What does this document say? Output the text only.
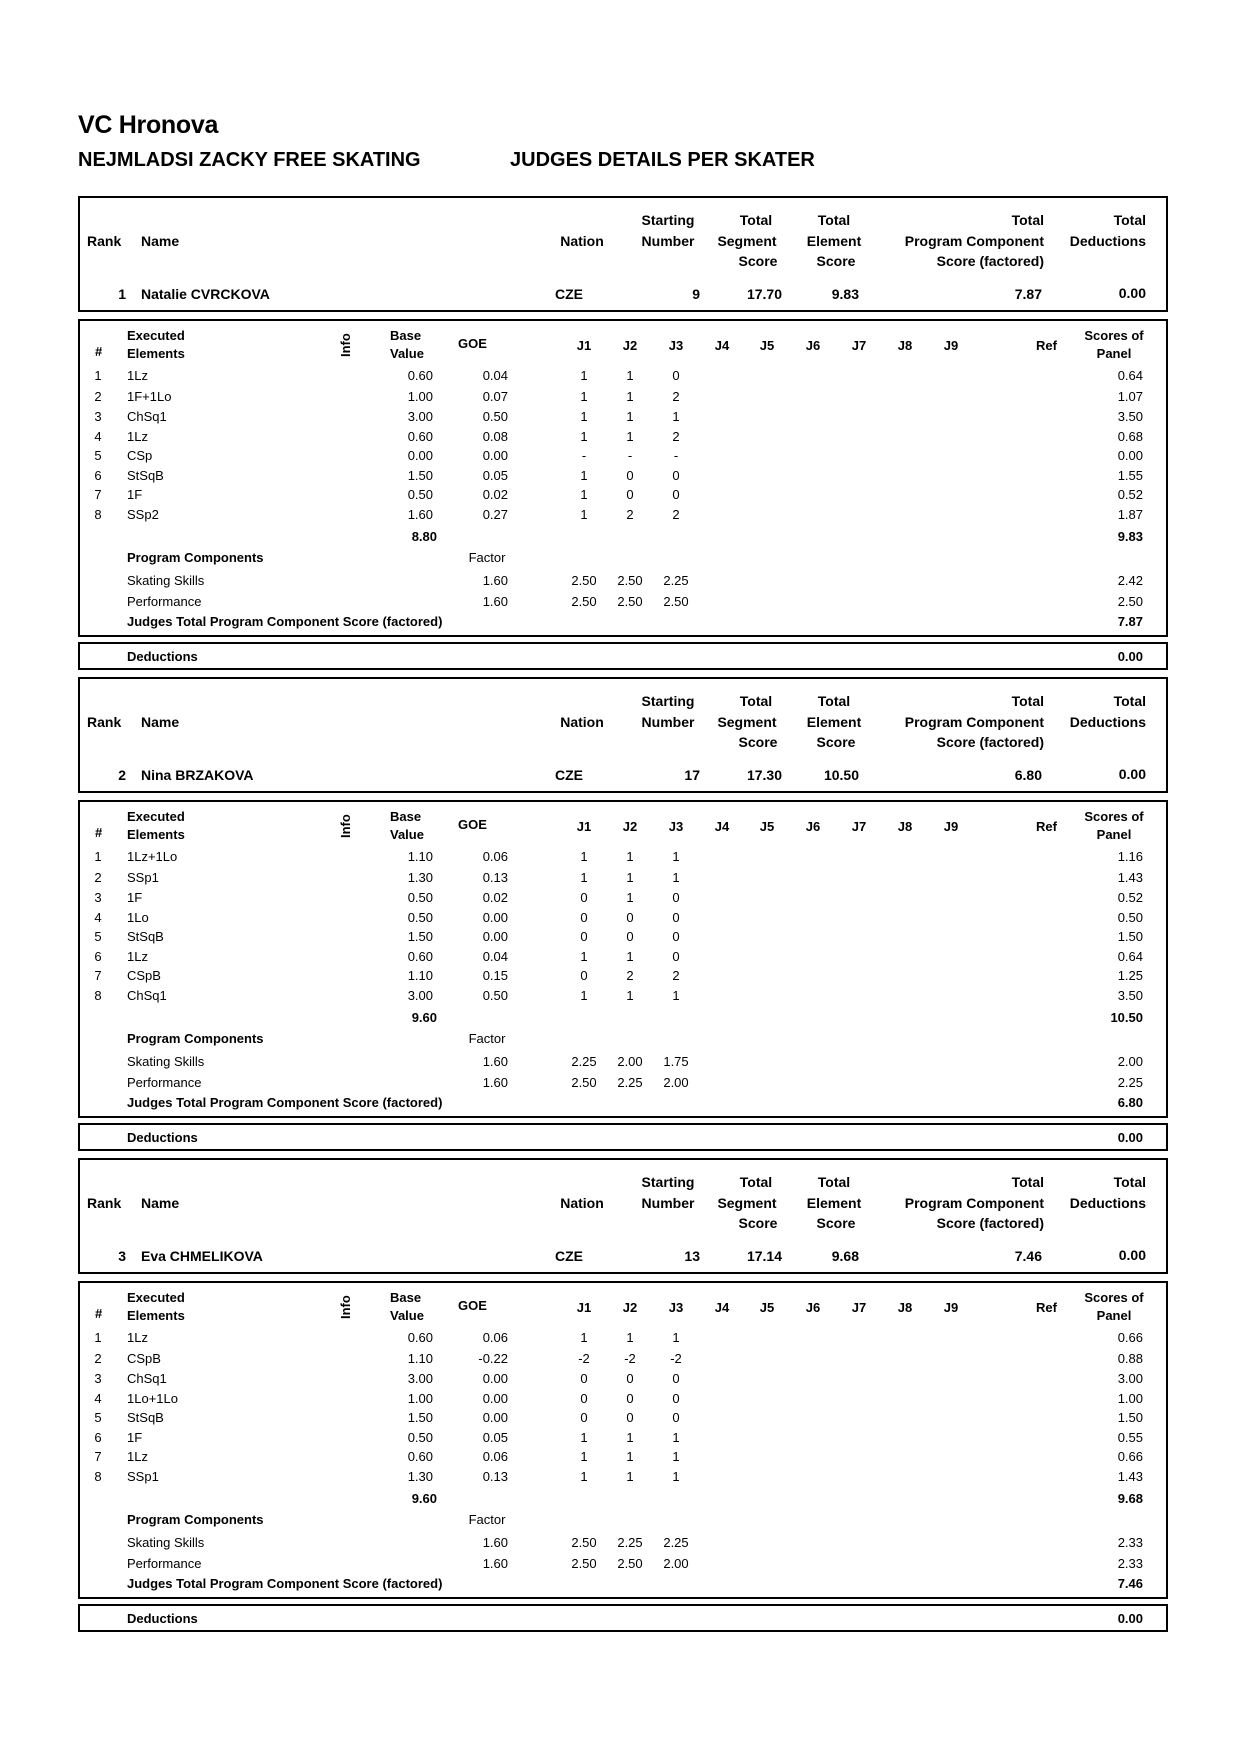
VC Hronova
NEJMLADSI ZACKY FREE SKATING	JUDGES DETAILS PER SKATER
Rank Name	Nation
Starting
Number
Total
Segment
Score
Total
Element
Score
Total
Program Component
Score (factored)
Total
Deductions
1 Natalie CVRCKOVA	CZE	9	17.70	9.83	7.87	0.00
#
Executed
Elements	Info	Base
Value
GOE	J1	J2	J3	J4	J5	J6	J7	J8	J9	Ref
Scores of
Panel
1	1Lz	0.60	0.04	1	1	0	0.64
2	1F+1Lo	1.00	0.07	1	1	2	1.07
3	ChSq1	3.00	0.50	1	1	1	3.50
4	1Lz	0.60	0.08	1	1	2	0.68
5	CSp	0.00	0.00	-	-	-	0.00
6	StSqB	1.50	0.05	1	0	0	1.55
7	1F	0.50	0.02	1	0	0	0.52
8	SSp2	1.60	0.27	1	2	2	1.87
8.80	9.83
Program Components	Factor
Skating Skills	1.60	2.50	2.50	2.25	2.42
Performance	1.60	2.50	2.50	2.50	2.50
Judges Total Program Component Score (factored)	7.87
Deductions	0.00
Rank Name	Nation
Starting
Number
Total
Segment
Score
Total
Element
Score
Total
Program Component
Score (factored)
Total
Deductions
2 Nina BRZAKOVA	CZE	17	17.30	10.50	6.80	0.00
#
Executed
Elements	Info	Base
Value
GOE	J1	J2	J3	J4	J5	J6	J7	J8	J9	Ref
Scores of
Panel
1	1Lz+1Lo	1.10	0.06	1	1	1	1.16
2	SSp1	1.30	0.13	1	1	1	1.43
3	1F	0.50	0.02	0	1	0	0.52
4	1Lo	0.50	0.00	0	0	0	0.50
5	StSqB	1.50	0.00	0	0	0	1.50
6	1Lz	0.60	0.04	1	1	0	0.64
7	CSpB	1.10	0.15	0	2	2	1.25
8	ChSq1	3.00	0.50	1	1	1	3.50
9.60	10.50
Program Components	Factor
Skating Skills	1.60	2.25	2.00	1.75	2.00
Performance	1.60	2.50	2.25	2.00	2.25
Judges Total Program Component Score (factored)	6.80
Deductions	0.00
Rank Name	Nation
Starting
Number
Total
Segment
Score
Total
Element
Score
Total
Program Component
Score (factored)
Total
Deductions
3 Eva CHMELIKOVA	CZE	13	17.14	9.68	7.46	0.00
#
Executed
Elements	Info	Base
Value
GOE	J1	J2	J3	J4	J5	J6	J7	J8	J9	Ref
Scores of
Panel
1	1Lz	0.60	0.06	1	1	1	0.66
2	CSpB	1.10	-0.22	-2	-2	-2	0.88
3	ChSq1	3.00	0.00	0	0	0	3.00
4	1Lo+1Lo	1.00	0.00	0	0	0	1.00
5	StSqB	1.50	0.00	0	0	0	1.50
6	1F	0.50	0.05	1	1	1	0.55
7	1Lz	0.60	0.06	1	1	1	0.66
8	SSp1	1.30	0.13	1	1	1	1.43
9.60	9.68
Program Components	Factor
Skating Skills	1.60	2.50	2.25	2.25	2.33
Performance	1.60	2.50	2.50	2.00	2.33
Judges Total Program Component Score (factored)	7.46
Deductions	0.00
